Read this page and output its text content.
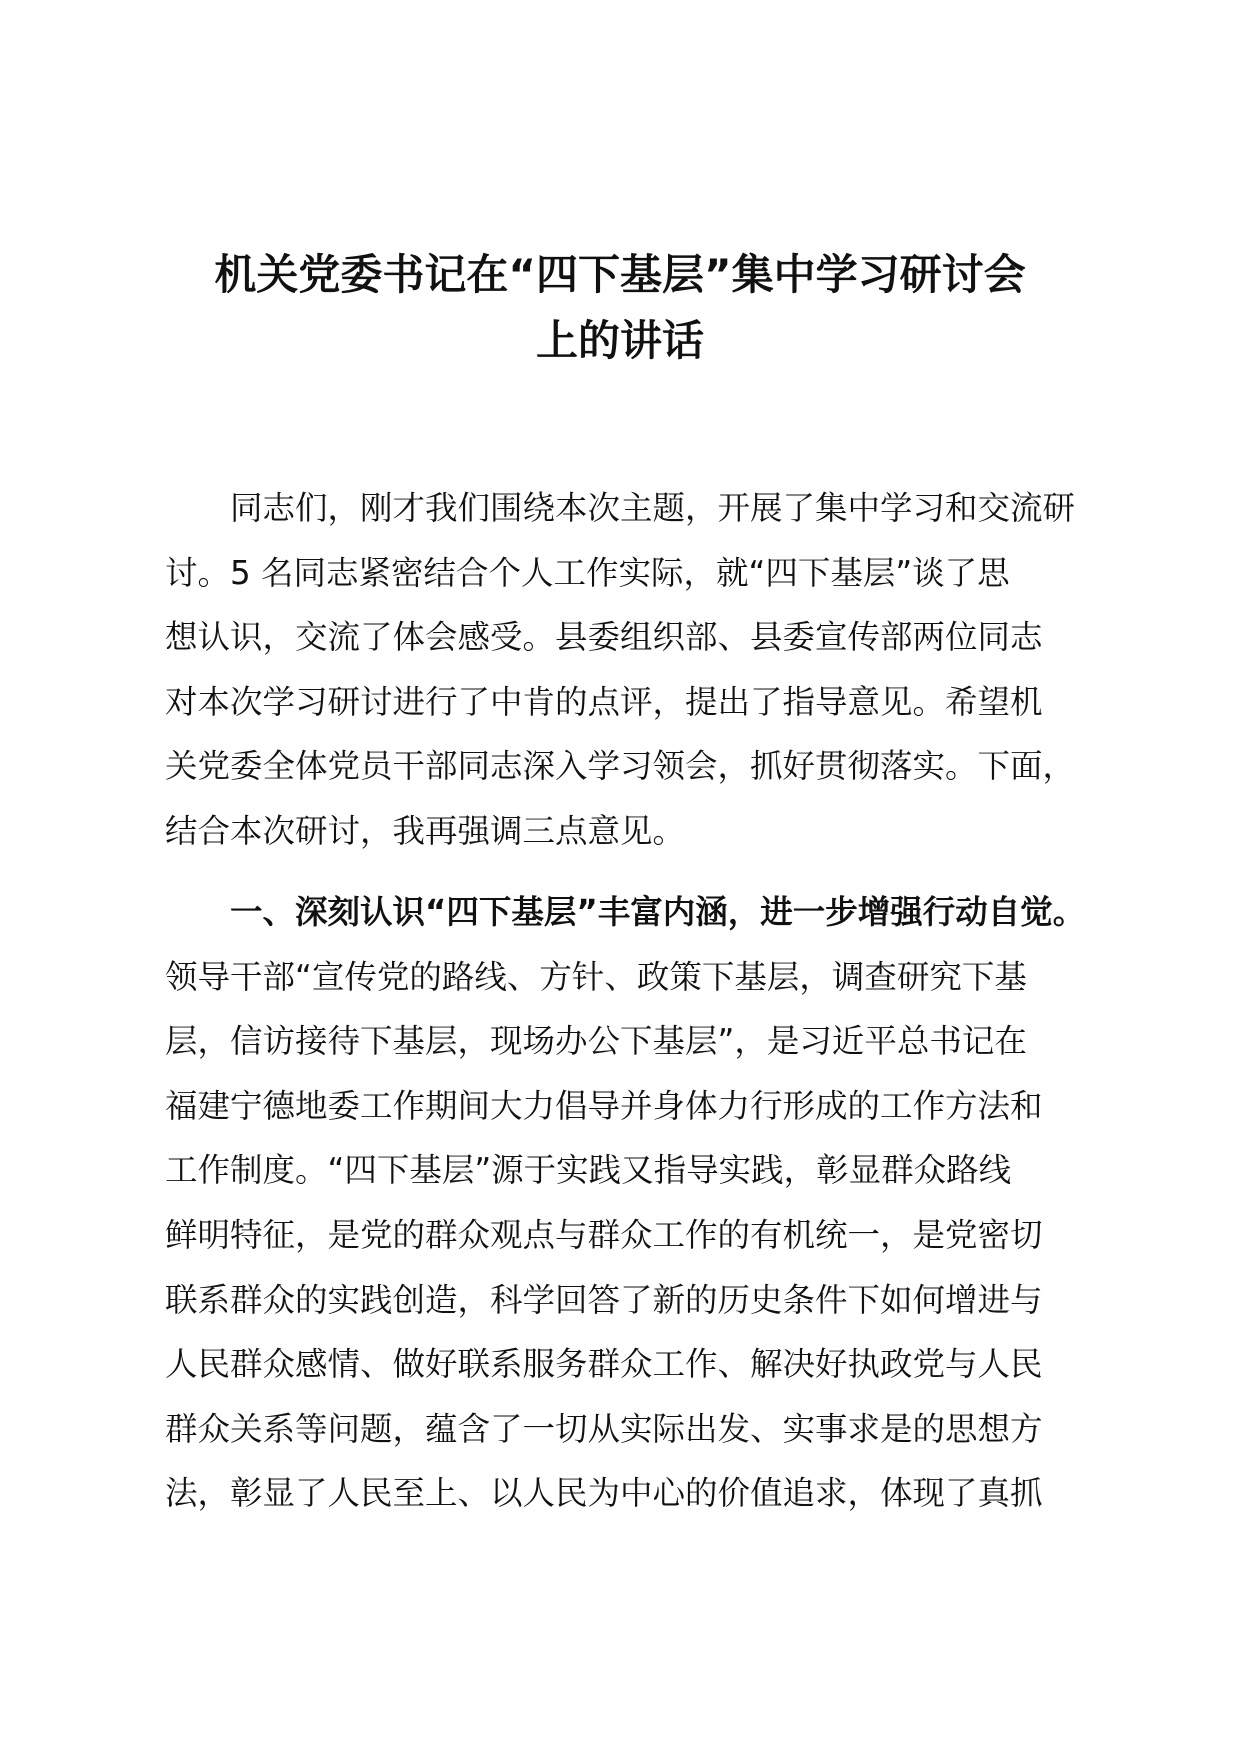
机关党委书记在“四下基层”集中学习研讨会
上的讲话
　　同志们，刚才我们围绕本次主题，开展了集中学习和交流研
讨。5 名同志紧密结合个人工作实际，就“四下基层”谈了思
想认识，交流了体会感受。县委组织部、县委宣传部两位同志
对本次学习研讨进行了中肯的点评，提出了指导意见。希望机
关党委全体党员干部同志深入学习领会，抓好贯彻落实。下面，
结合本次研讨，我再强调三点意见。
　　一、深刻认识“四下基层”丰富内涵，进一步增强行动自觉。
领导干部“宣传党的路线、方针、政策下基层，调查研究下基
层，信访接待下基层，现场办公下基层”，是习近平总书记在
福建宁德地委工作期间大力倡导并身体力行形成的工作方法和
工作制度。“四下基层”源于实践又指导实践，彰显群众路线
鲜明特征，是党的群众观点与群众工作的有机统一，是党密切
联系群众的实践创造，科学回答了新的历史条件下如何增进与
人民群众感情、做好联系服务群众工作、解决好执政党与人民
群众关系等问题，蕴含了一切从实际出发、实事求是的思想方
法，彰显了人民至上、以人民为中心的价值追求，体现了真抓
